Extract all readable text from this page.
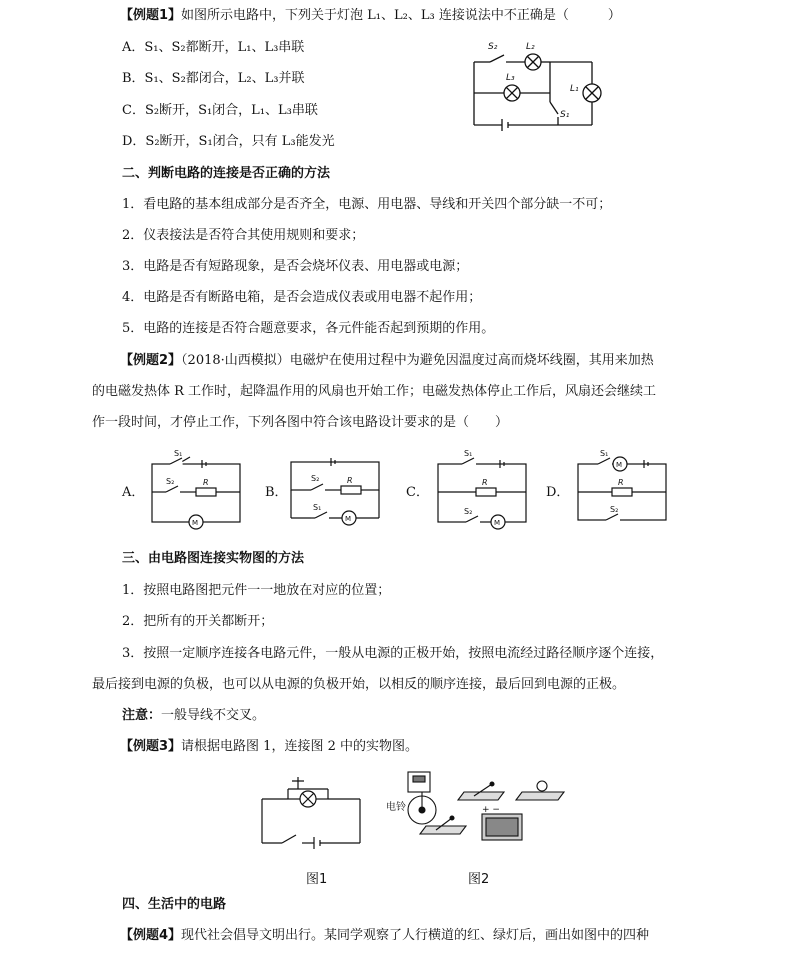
【例题1】如图所示电路中，下列关于灯泡 L₁、L₂、L₃ 连接说法中不正确是（　　　）
A．S₁、S₂都断开，L₁、L₃串联
B．S₁、S₂都闭合，L₂、L₃并联
C．S₂断开，S₁闭合，L₁、L₃串联
D．S₂断开，S₁闭合，只有 L₃能发光
S₂	L₂
L₃
L₁
S₁
二、判断电路的连接是否正确的方法
1．看电路的基本组成部分是否齐全，电源、用电器、导线和开关四个部分缺一不可；
2．仪表接法是否符合其使用规则和要求；
3．电路是否有短路现象，是否会烧坏仪表、用电器或电源；
4．电路是否有断路电箱，是否会造成仪表或用电器不起作用；
5．电路的连接是否符合题意要求，各元件能否起到预期的作用。
【例题2】（2018·山西模拟）电磁炉在使用过程中为避免因温度过高而烧坏线圈，其用来加热
的电磁发热体 R 工作时，起降温作用的风扇也开始工作；电磁发热体停止工作后，风扇还会继续工
作一段时间，才停止工作，下列各图中符合该电路设计要求的是（　　）
A．	B．	C．	D．
S₁
S₂	R
M
S₂
S₁
R
M
S₁
S₂
R
M
S₁
S₂
R
M
三、由电路图连接实物图的方法
1．按照电路图把元件一一地放在对应的位置；
2．把所有的开关都断开；
3．按照一定顺序连接各电路元件，一般从电源的正极开始，按照电流经过路径顺序逐个连接，
最后接到电源的负极，也可以从电源的负极开始，以相反的顺序连接，最后回到电源的正极。
注意：一般导线不交叉。
【例题3】请根据电路图 1，连接图 2 中的实物图。
电铃	+ −
图1	图2
四、生活中的电路
【例题4】现代社会倡导文明出行。某同学观察了人行横道的红、绿灯后，画出如图中的四种
